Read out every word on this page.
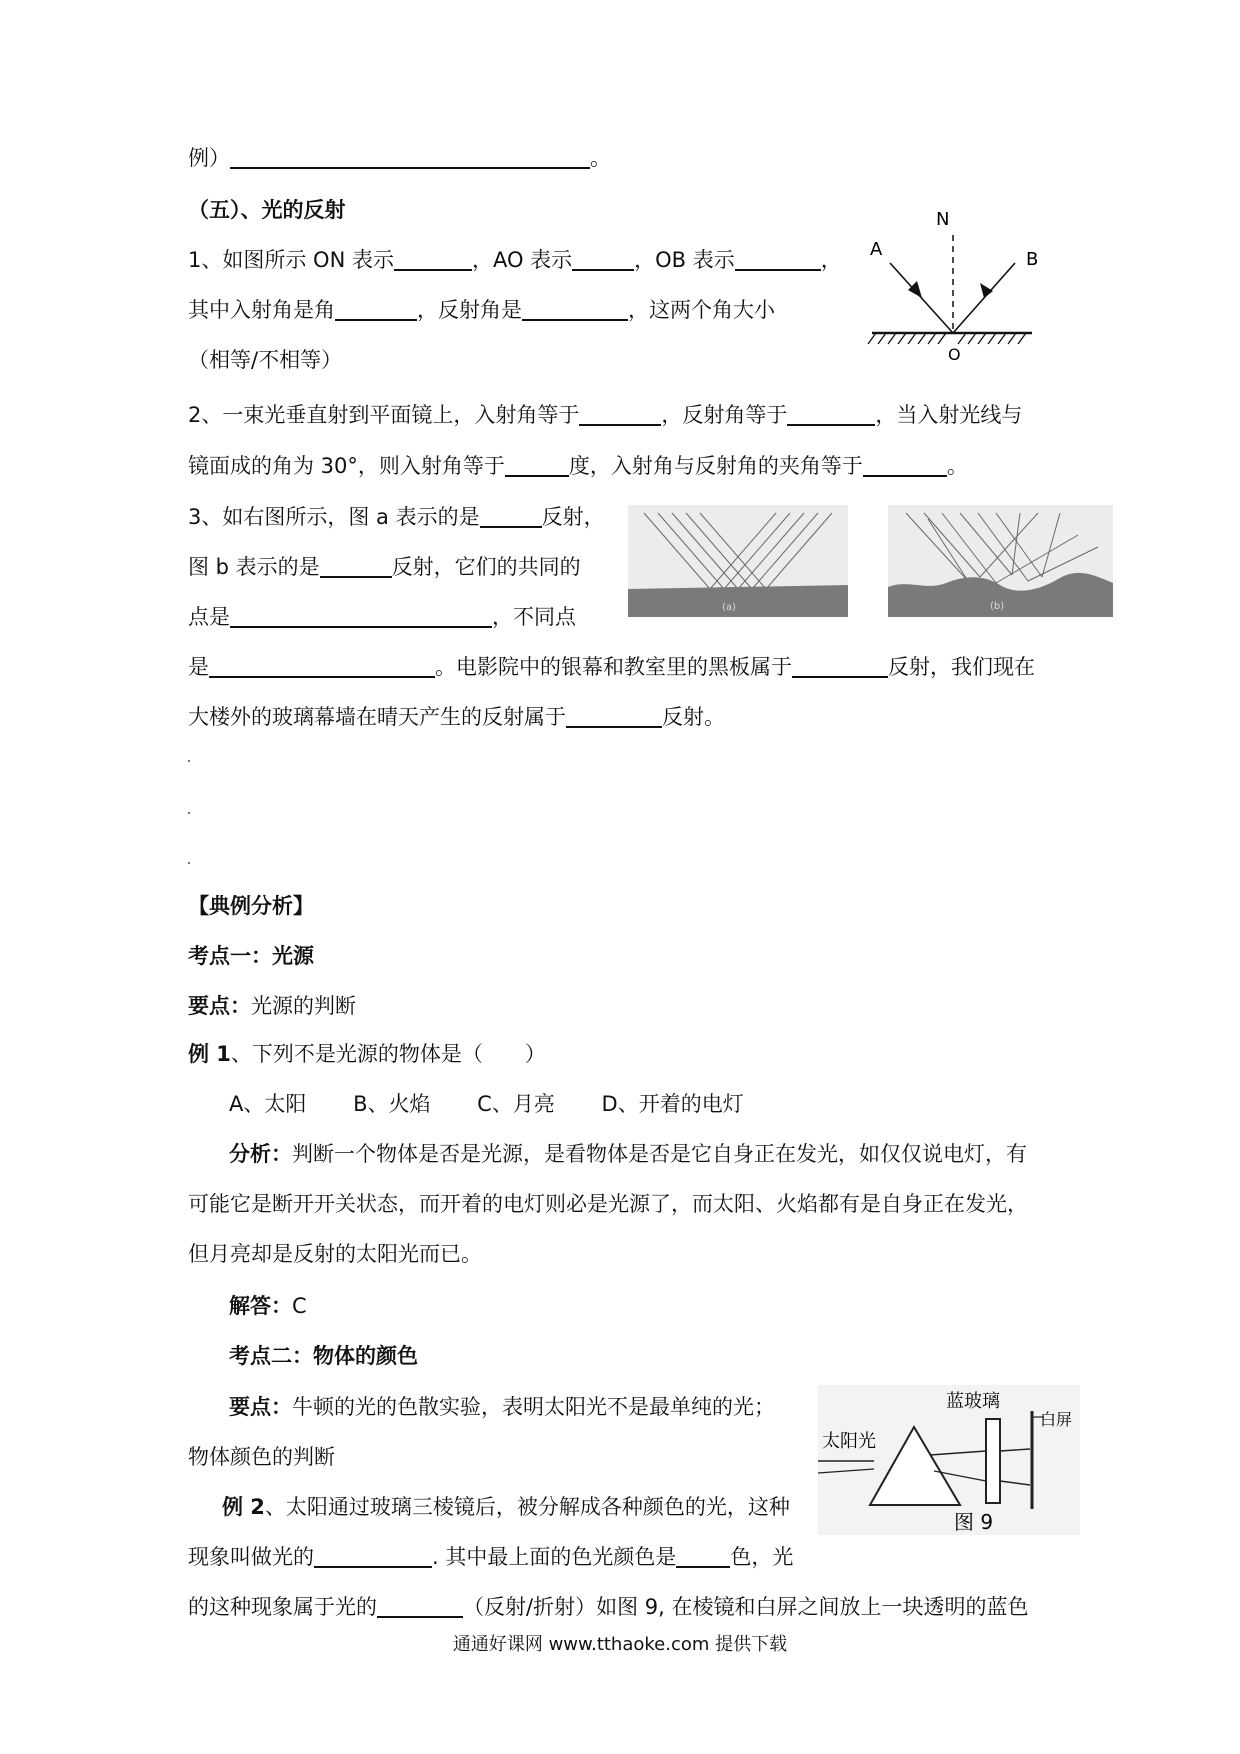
例）	。
（五）、光的反射
1、如图所示 ON 表示	，AO 表示	，OB 表示	，
其中入射角是角	，反射角是	，这两个角大小
（相等/不相等）
2、一束光垂直射到平面镜上，入射角等于	，反射角等于	，当入射光线与
镜面成的角为 30°，则入射角等于	度，入射角与反射角的夹角等于	。
3、如右图所示，图 a 表示的是	反射，
图 b 表示的是	反射，它们的共同的
点是	，不同点
是	。电影院中的银幕和教室里的黑板属于	反射，我们现在
大楼外的玻璃幕墙在晴天产生的反射属于	反射。
N
A	B
O
(a)	(b)
【典例分析】
考点一：光源
要点：光源的判断
例 1、下列不是光源的物体是（　　）
A、太阳 B、火焰 C、月亮 D、开着的电灯
分析：判断一个物体是否是光源，是看物体是否是它自身正在发光，如仅仅说电灯，有
可能它是断开开关状态，而开着的电灯则必是光源了，而太阳、火焰都有是自身正在发光，
但月亮却是反射的太阳光而已。
解答：C
考点二：物体的颜色
要点：牛顿的光的色散实验，表明太阳光不是最单纯的光；
物体颜色的判断
例 2、太阳通过玻璃三棱镜后，被分解成各种颜色的光，这种
现象叫做光的	. 其中最上面的色光颜色是	色，光
的这种现象属于光的	（反射/折射）如图 9, 在棱镜和白屏之间放上一块透明的蓝色
蓝玻璃
白屏
太阳光
图 9
通通好课网 www.tthaoke.com 提供下载
